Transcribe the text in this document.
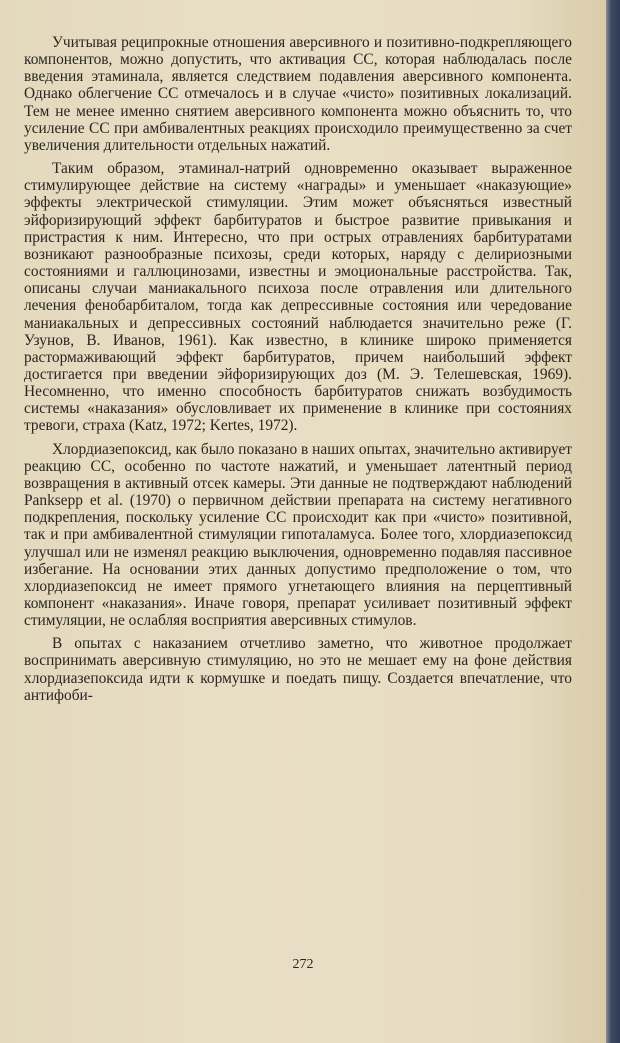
Учитывая реципрокные отношения аверсивного и позитивно-подкрепляющего компонентов, можно допустить, что активация СС, которая наблюдалась после введения этаминала, является следствием подавления аверсивного компонента. Однако облегчение СС отмечалось и в случае «чисто» позитивных локализаций. Тем не менее именно снятием аверсивного компонента можно объяснить то, что усиление СС при амбивалентных реакциях происходило преимущественно за счет увеличения длительности отдельных нажатий.

Таким образом, этаминал-натрий одновременно оказывает выраженное стимулирующее действие на систему «награды» и уменьшает «наказующие» эффекты электрической стимуляции. Этим может объясняться известный эйфоризирующий эффект барбитуратов и быстрое развитие привыкания и пристрастия к ним. Интересно, что при острых отравлениях барбитуратами возникают разнообразные психозы, среди которых, наряду с делириозными состояниями и галлюцинозами, известны и эмоциональные расстройства. Так, описаны случаи маниакального психоза после отравления или длительного лечения фенобарбиталом, тогда как депрессивные состояния или чередование маниакальных и депрессивных состояний наблюдается значительно реже (Г. Узунов, В. Иванов, 1961). Как известно, в клинике широко применяется растормаживающий эффект барбитуратов, причем наибольший эффект достигается при введении эйфоризирующих доз (М. Э. Телешевская, 1969). Несомненно, что именно способность барбитуратов снижать возбудимость системы «наказания» обусловливает их применение в клинике при состояниях тревоги, страха (Katz, 1972; Kertes, 1972).

Хлордиазепоксид, как было показано в наших опытах, значительно активирует реакцию СС, особенно по частоте нажатий, и уменьшает латентный период возвращения в активный отсек камеры. Эти данные не подтверждают наблюдений Panksepp et al. (1970) о первичном действии препарата на систему негативного подкрепления, поскольку усиление СС происходит как при «чисто» позитивной, так и при амбивалентной стимуляции гипоталамуса. Более того, хлордиазепоксид улучшал или не изменял реакцию выключения, одновременно подавляя пассивное избегание. На основании этих данных допустимо предположение о том, что хлордиазепоксид не имеет прямого угнетающего влияния на перцептивный компонент «наказания». Иначе говоря, препарат усиливает позитивный эффект стимуляции, не ослабляя восприятия аверсивных стимулов.

В опытах с наказанием отчетливо заметно, что животное продолжает воспринимать аверсивную стимуляцию, но это не мешает ему на фоне действия хлордиазепоксида идти к кормушке и поедать пищу. Создается впечатление, что антифоби-

272
